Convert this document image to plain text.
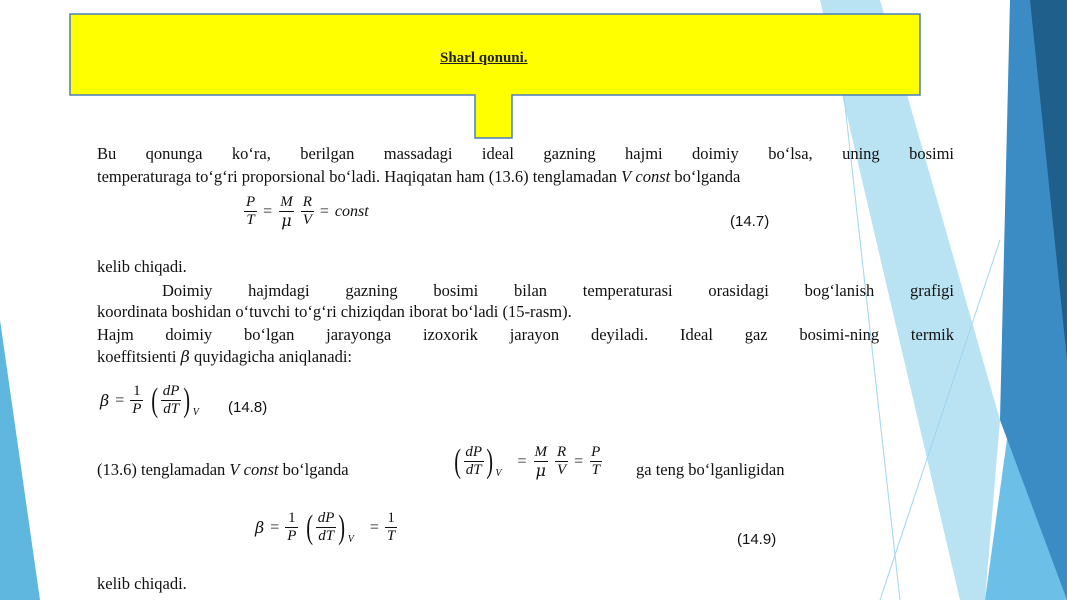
Sharl qonuni.
Bu qonunga ko‘ra, berilgan massadagi ideal gazning hajmi doimiy bo‘lsa, uning bosimi
temperaturaga to‘g‘ri proporsional bo‘ladi. Haqiqatan ham (13.6) tenglamadan V const bo‘lganda
$\frac{P}{T} = \frac{M}{\mu} \frac{R}{V}$ = const
(14.7)
kelib chiqadi.
Doimiy hajmdagi gazning bosimi bilan temperaturasi orasidagi bog‘lanish grafigi
koordinata boshidan o‘tuvchi to‘g‘ri chiziqdan iborat bo‘ladi (15-rasm).
Hajm doimiy bo‘lgan jarayonga izoxorik jarayon deyiladi. Ideal gaz bosimi-ning termik
koeffitsienti β quyidagicha aniqlanadi:
$\beta = \frac{1}{P}$ ( $\frac{dP}{dT}$ ) V (14.8)
(13.6) tenglamadan V const bo‘lganda	( $\frac{dP}{dT}$ ) V
= $\frac{M}{\mu} \frac{R}{V} = \frac{P}{T}$ ga teng bo‘lganligidan
$\beta = \frac{1}{P}$ ( $\frac{dP}{dT}$ ) V
= $\frac{1}{T}$	(14.9)
kelib chiqadi.
